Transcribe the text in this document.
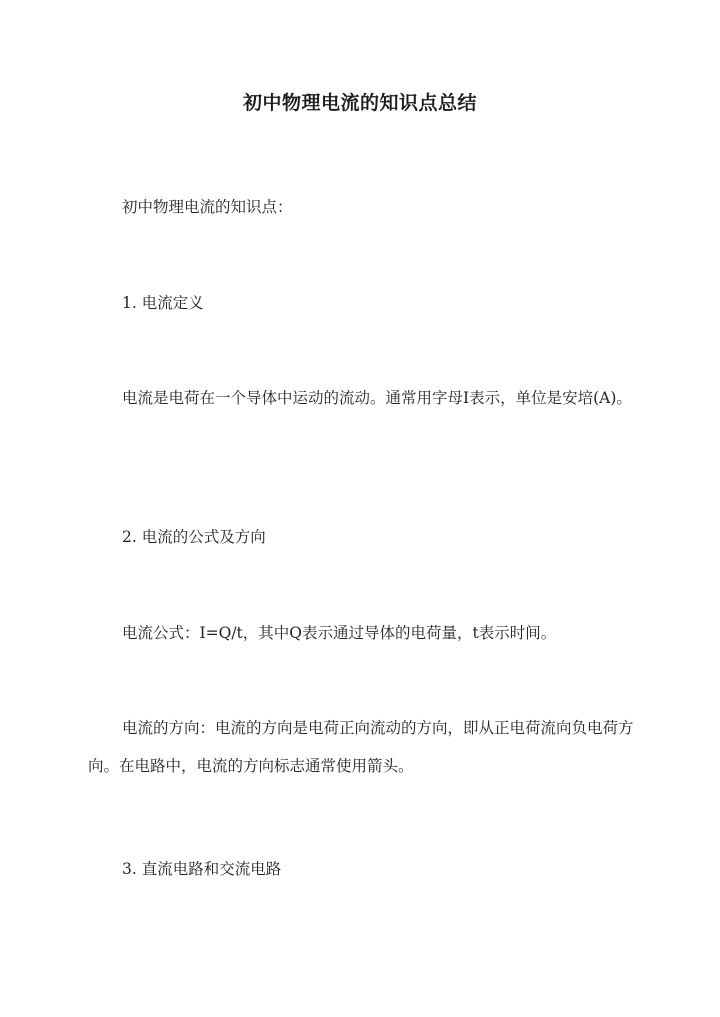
初中物理电流的知识点总结
初中物理电流的知识点：
1. 电流定义
电流是电荷在一个导体中运动的流动。通常用字母I表示，单位是安培(A)。
2. 电流的公式及方向
电流公式：I=Q/t，其中Q表示通过导体的电荷量，t表示时间。
电流的方向：电流的方向是电荷正向流动的方向，即从正电荷流向负电荷方向。在电路中，电流的方向标志通常使用箭头。
3. 直流电路和交流电路
